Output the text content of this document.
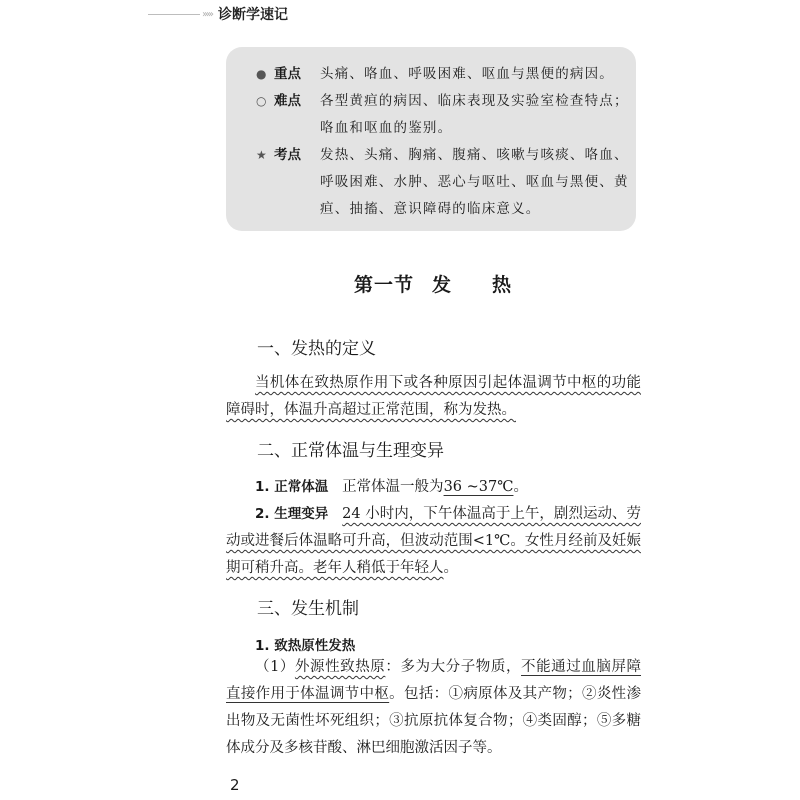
››››› 诊断学速记
● 重点	头痛、咯血、呼吸困难、呕血与黑便的病因。
○ 难点	各型黄疸的病因、临床表现及实验室检查特点；咯血和呕血的鉴别。
★ 考点	发热、头痛、胸痛、腹痛、咳嗽与咳痰、咯血、呼吸困难、水肿、恶心与呕吐、呕血与黑便、黄疸、抽搐、意识障碍的临床意义。
第一节 发 热
一、发热的定义
当机体在致热原作用下或各种原因引起体温调节中枢的功能障碍时，体温升高超过正常范围，称为发热。
二、正常体温与生理变异
1. 正常体温 正常体温一般为36 ~37℃。
2. 生理变异 24 小时内，下午体温高于上午，剧烈运动、劳动或进餐后体温略可升高，但波动范围<1℃。女性月经前及妊娠期可稍升高。老年人稍低于年轻人。
三、发生机制
1. 致热原性发热
（1）外源性致热原：多为大分子物质，不能通过血脑屏障直接作用于体温调节中枢。包括：①病原体及其产物；②炎性渗出物及无菌性坏死组织；③抗原抗体复合物；④类固醇；⑤多糖体成分及多核苷酸、淋巴细胞激活因子等。
2
